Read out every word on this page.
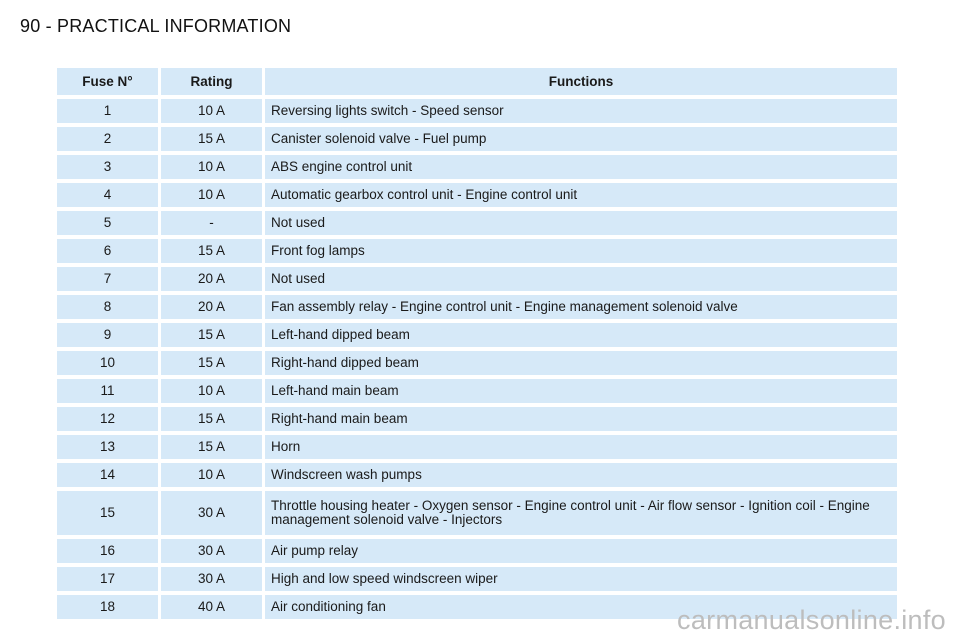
90 - PRACTICAL INFORMATION
Fuse N°	Rating	Functions
1	10 A	Reversing lights switch - Speed sensor
2	15 A	Canister solenoid valve - Fuel pump
3	10 A	ABS engine control unit
4	10 A	Automatic gearbox control unit - Engine control unit
5	-	Not used
6	15 A	Front fog lamps
7	20 A	Not used
8	20 A	Fan assembly relay - Engine control unit - Engine management solenoid valve
9	15 A	Left-hand dipped beam
10	15 A	Right-hand dipped beam
11	10 A	Left-hand main beam
12	15 A	Right-hand main beam
13	15 A	Horn
14	10 A	Windscreen wash pumps
15	30 A	Throttle housing heater - Oxygen sensor - Engine control unit - Air flow sensor - Ignition coil - Engine management solenoid valve - Injectors
16	30 A	Air pump relay
17	30 A	High and low speed windscreen wiper
18	40 A	Air conditioning fan	carmanualsonline.info
